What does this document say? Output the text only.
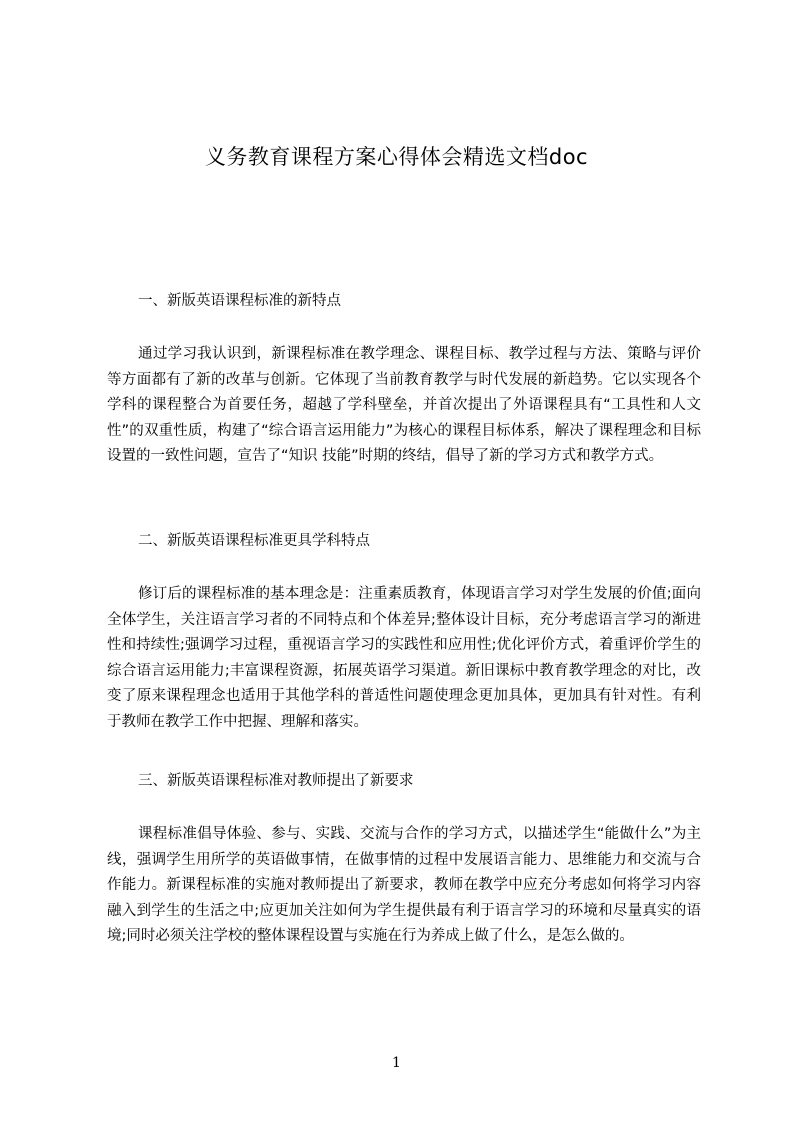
义务教育课程方案心得体会精选文档doc
一、新版英语课程标准的新特点
通过学习我认识到，新课程标准在教学理念、课程目标、教学过程与方法、策略与评价等方面都有了新的改革与创新。它体现了当前教育教学与时代发展的新趋势。它以实现各个学科的课程整合为首要任务，超越了学科壁垒，并首次提出了外语课程具有“工具性和人文性”的双重性质，构建了“综合语言运用能力”为核心的课程目标体系，解决了课程理念和目标设置的一致性问题，宣告了“知识 技能”时期的终结，倡导了新的学习方式和教学方式。
二、新版英语课程标准更具学科特点
修订后的课程标准的基本理念是：注重素质教育，体现语言学习对学生发展的价值;面向全体学生，关注语言学习者的不同特点和个体差异;整体设计目标，充分考虑语言学习的渐进性和持续性;强调学习过程，重视语言学习的实践性和应用性;优化评价方式，着重评价学生的综合语言运用能力;丰富课程资源，拓展英语学习渠道。新旧课标中教育教学理念的对比，改变了原来课程理念也适用于其他学科的普适性问题使理念更加具体，更加具有针对性。有利于教师在教学工作中把握、理解和落实。
三、新版英语课程标准对教师提出了新要求
课程标准倡导体验、参与、实践、交流与合作的学习方式，以描述学生“能做什么”为主线，强调学生用所学的英语做事情，在做事情的过程中发展语言能力、思维能力和交流与合作能力。新课程标准的实施对教师提出了新要求，教师在教学中应充分考虑如何将学习内容融入到学生的生活之中;应更加关注如何为学生提供最有利于语言学习的环境和尽量真实的语境;同时必须关注学校的整体课程设置与实施在行为养成上做了什么，是怎么做的。
1
